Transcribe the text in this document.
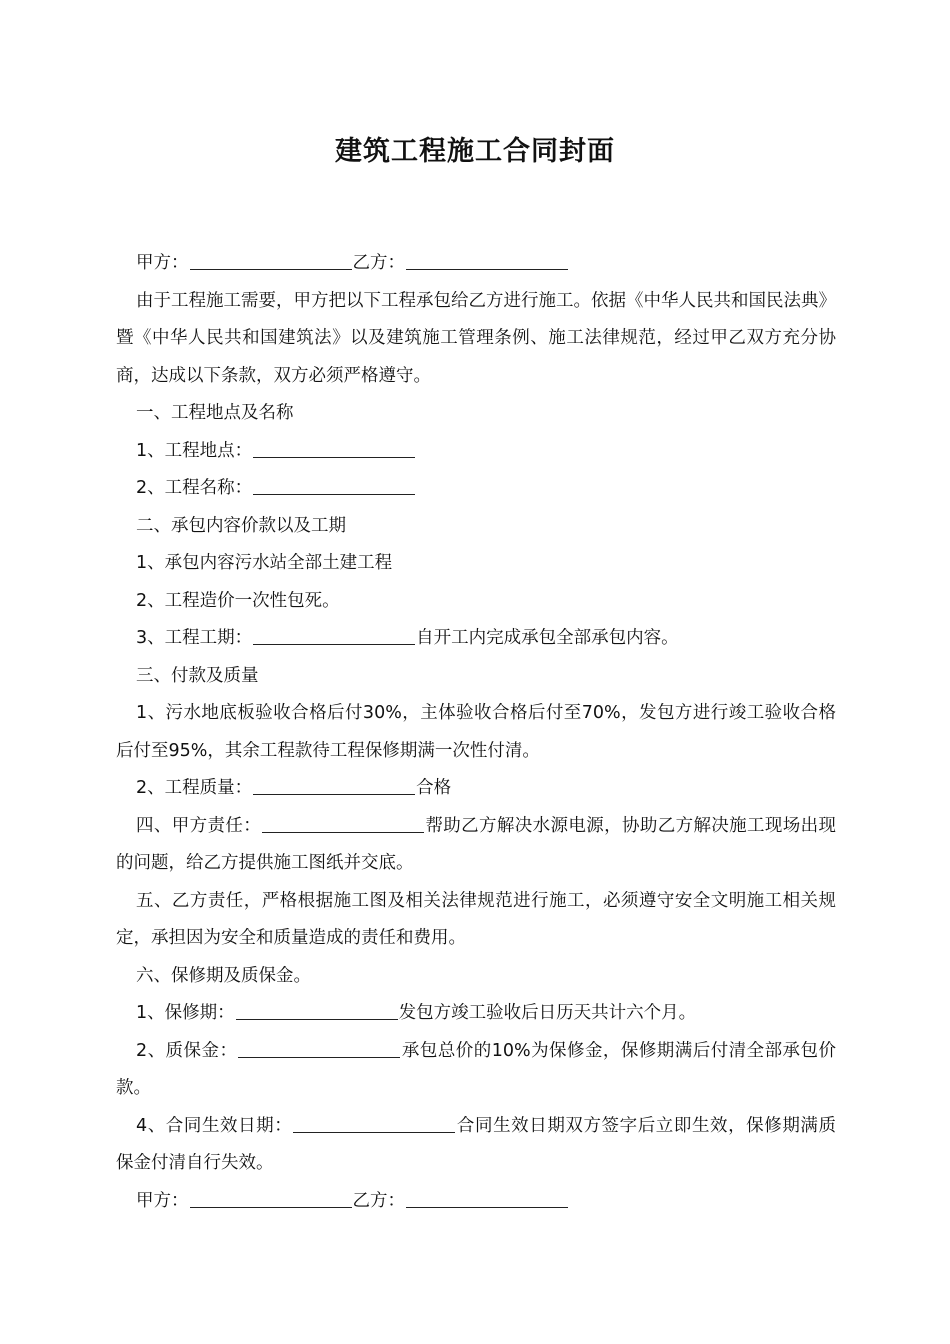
建筑工程施工合同封面

甲方：	乙方：

由于工程施工需要，甲方把以下工程承包给乙方进行施工。依据《中华人民共和国民法典》暨《中华人民共和国建筑法》以及建筑施工管理条例、施工法律规范，经过甲乙双方充分协商，达成以下条款，双方必须严格遵守。

一、工程地点及名称

1、工程地点：

2、工程名称：

二、承包内容价款以及工期

1、承包内容污水站全部土建工程

2、工程造价一次性包死。

3、工程工期：	自开工内完成承包全部承包内容。

三、付款及质量

1、污水地底板验收合格后付30%，主体验收合格后付至70%，发包方进行竣工验收合格后付至95%，其余工程款待工程保修期满一次性付清。

2、工程质量：	合格

四、甲方责任：	帮助乙方解决水源电源，协助乙方解决施工现场出现的问题，给乙方提供施工图纸并交底。

五、乙方责任，严格根据施工图及相关法律规范进行施工，必须遵守安全文明施工相关规定，承担因为安全和质量造成的责任和费用。

六、保修期及质保金。

1、保修期：	发包方竣工验收后日历天共计六个月。

2、质保金：	承包总价的10%为保修金，保修期满后付清全部承包价款。

4、合同生效日期：	合同生效日期双方签字后立即生效，保修期满质保金付清自行失效。

甲方：	乙方：
